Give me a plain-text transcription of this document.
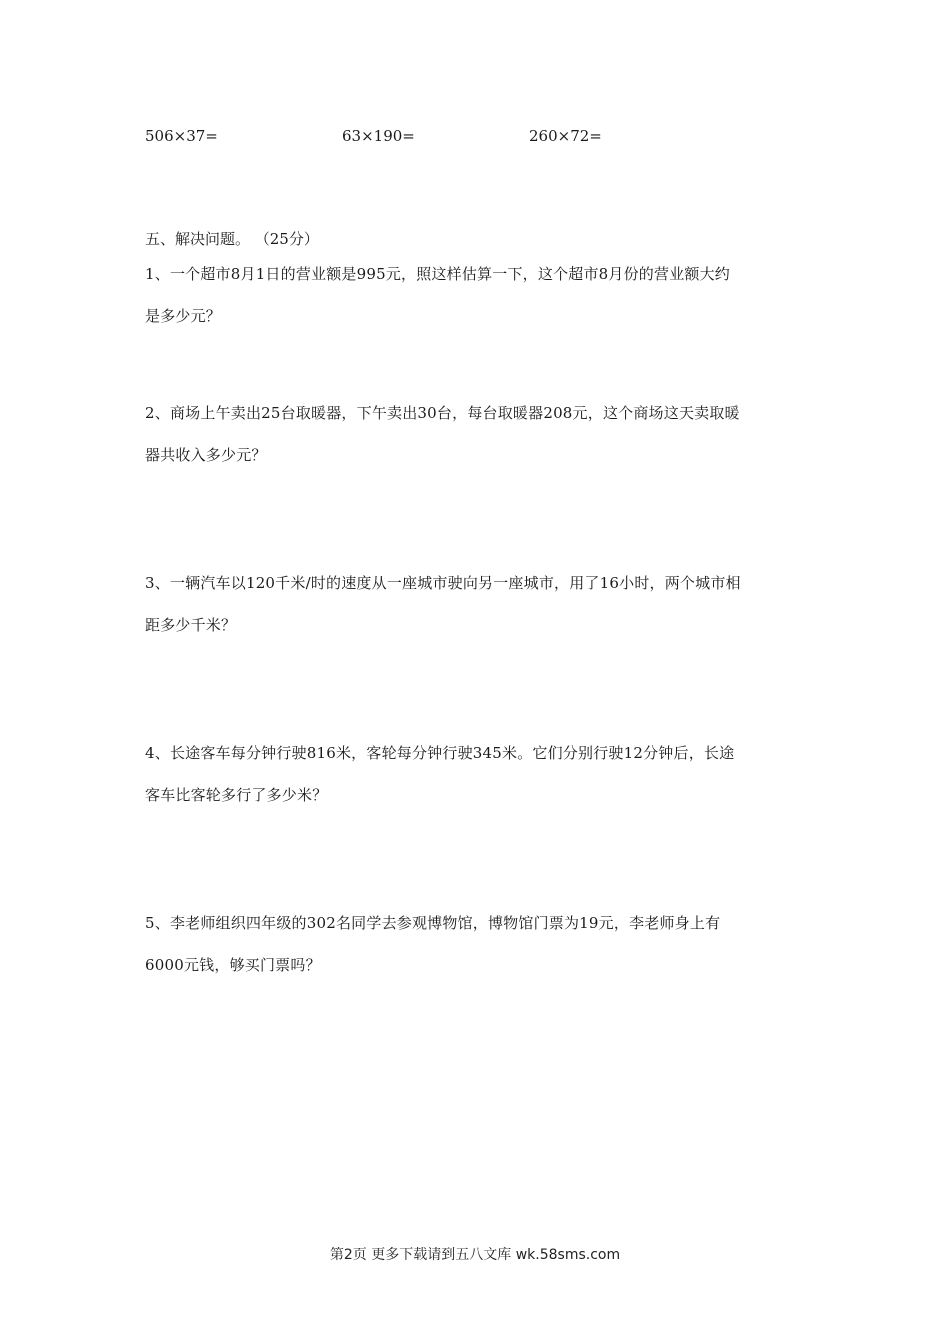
506×37=	63×190=	260×72=
五、解决问题。 （25分）
1、一个超市8月1日的营业额是995元，照这样估算一下，这个超市8月份的营业额大约
是多少元？
2、商场上午卖出25台取暖器，下午卖出30台，每台取暖器208元，这个商场这天卖取暖
器共收入多少元？
3、一辆汽车以120千米/时的速度从一座城市驶向另一座城市，用了16小时，两个城市相
距多少千米？
4、长途客车每分钟行驶816米，客轮每分钟行驶345米。它们分别行驶12分钟后，长途
客车比客轮多行了多少米？
5、李老师组织四年级的302名同学去参观博物馆，博物馆门票为19元，李老师身上有
6000元钱，够买门票吗？
第2页 更多下载请到五八文库 wk.58sms.com
